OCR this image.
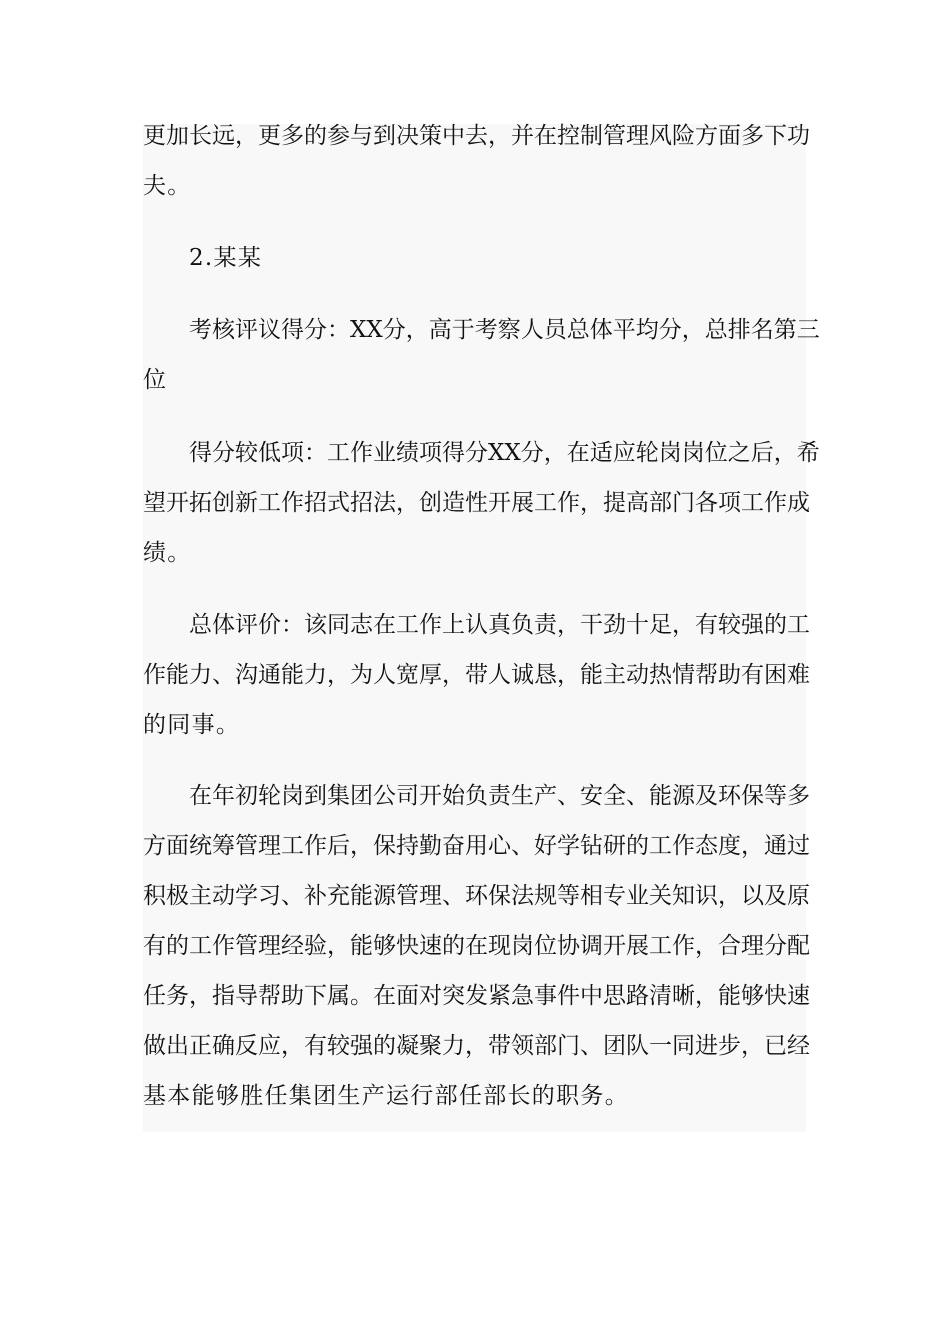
更加长远，更多的参与到决策中去，并在控制管理风险方面多下功
夫。
2.某某
考核评议得分：XX分，高于考察人员总体平均分，总排名第三
位
得分较低项：工作业绩项得分XX分，在适应轮岗岗位之后，希
望开拓创新工作招式招法，创造性开展工作，提高部门各项工作成
绩。
总体评价：该同志在工作上认真负责，干劲十足，有较强的工
作能力、沟通能力，为人宽厚，带人诚恳，能主动热情帮助有困难
的同事。
在年初轮岗到集团公司开始负责生产、安全、能源及环保等多
方面统筹管理工作后，保持勤奋用心、好学钻研的工作态度，通过
积极主动学习、补充能源管理、环保法规等相专业关知识，以及原
有的工作管理经验，能够快速的在现岗位协调开展工作，合理分配
任务，指导帮助下属。在面对突发紧急事件中思路清晰，能够快速
做出正确反应，有较强的凝聚力，带领部门、团队一同进步，已经
基本能够胜任集团生产运行部任部长的职务。
